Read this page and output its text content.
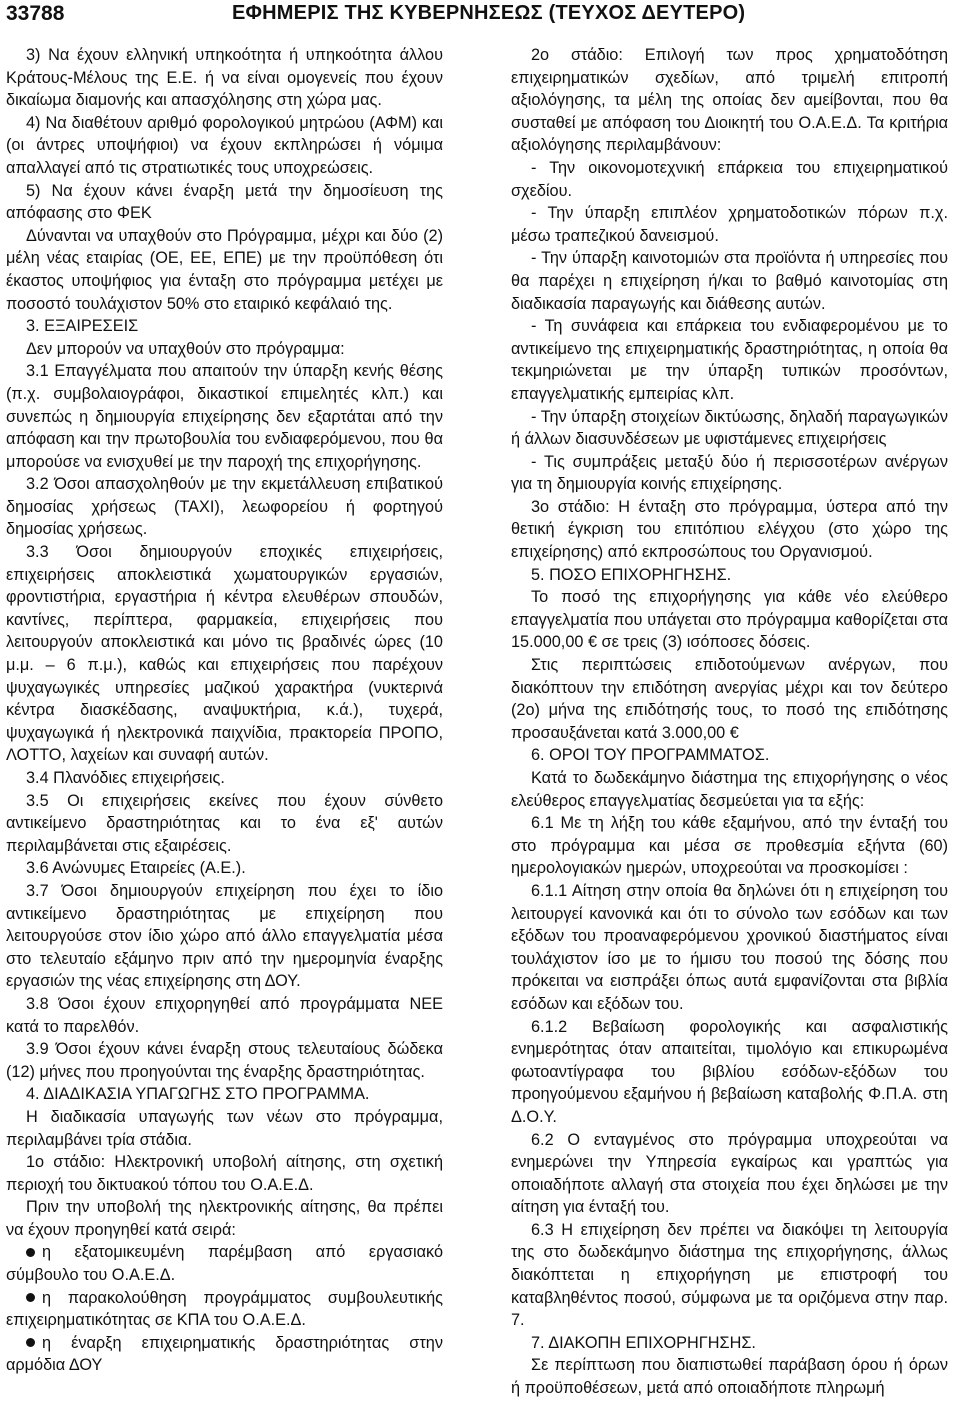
33788	ΕΦΗΜΕΡΙΣ ΤΗΣ ΚΥΒΕΡΝΗΣΕΩΣ (ΤΕΥΧΟΣ ΔΕΥΤΕΡΟ)

3) Να έχουν ελληνική υπηκοότητα ή υπηκοότητα άλλου Κράτους-Μέλους της Ε.Ε. ή να είναι ομογενείς που έχουν δικαίωμα διαμονής και απασχόλησης στη χώρα μας.

4) Να διαθέτουν αριθμό φορολογικού μητρώου (ΑΦΜ) και (οι άντρες υποψήφιοι) να έχουν εκπληρώσει ή νόμιμα απαλλαγεί από τις στρατιωτικές τους υποχρεώσεις.

5) Να έχουν κάνει έναρξη μετά την δημοσίευση της απόφασης στο ΦΕΚ

Δύνανται να υπαχθούν στο Πρόγραμμα, μέχρι και δύο (2) μέλη νέας εταιρίας (ΟΕ, ΕΕ, ΕΠΕ) με την προϋπόθεση ότι έκαστος υποψήφιος για ένταξη στο πρόγραμμα μετέχει με ποσοστό τουλάχιστον 50% στο εταιρικό κεφάλαιό της.

3. ΕΞΑΙΡΕΣΕΙΣ

Δεν μπορούν να υπαχθούν στο πρόγραμμα:

3.1 Επαγγέλματα που απαιτούν την ύπαρξη κενής θέσης (π.χ. συμβολαιογράφοι, δικαστικοί επιμελητές κλπ.) και συνεπώς η δημιουργία επιχείρησης δεν εξαρτάται από την απόφαση και την πρωτοβουλία του ενδιαφερόμενου, που θα μπορούσε να ενισχυθεί με την παροχή της επιχορήγησης.

3.2 Όσοι απασχοληθούν με την εκμετάλλευση επιβατικού δημοσίας χρήσεως (ΤΑΧΙ), λεωφορείου ή φορτηγού δημοσίας χρήσεως.

3.3 Όσοι δημιουργούν εποχικές επιχειρήσεις, επιχειρήσεις αποκλειστικά χωματουργικών εργασιών, φροντιστήρια, εργαστήρια ή κέντρα ελευθέρων σπουδών, καντίνες, περίπτερα, φαρμακεία, επιχειρήσεις που λειτουργούν αποκλειστικά και μόνο τις βραδινές ώρες (10 μ.μ. – 6 π.μ.), καθώς και επιχειρήσεις που παρέχουν ψυχαγωγικές υπηρεσίες μαζικού χαρακτήρα (νυκτερινά κέντρα διασκέδασης, αναψυκτήρια, κ.ά.), τυχερά, ψυχαγωγικά ή ηλεκτρονικά παιχνίδια, πρακτορεία ΠΡΟΠΟ, ΛΟΤΤΟ, λαχείων και συναφή αυτών.

3.4 Πλανόδιες επιχειρήσεις.

3.5 Οι επιχειρήσεις εκείνες που έχουν σύνθετο αντικείμενο δραστηριότητας και το ένα εξ' αυτών περιλαμβάνεται στις εξαιρέσεις.

3.6 Ανώνυμες Εταιρείες (Α.Ε.).

3.7 Όσοι δημιουργούν επιχείρηση που έχει το ίδιο αντικείμενο δραστηριότητας με επιχείρηση που λειτουργούσε στον ίδιο χώρο από άλλο επαγγελματία μέσα στο τελευταίο εξάμηνο πριν από την ημερομηνία έναρξης εργασιών της νέας επιχείρησης στη ΔΟΥ.

3.8 Όσοι έχουν επιχορηγηθεί από προγράμματα ΝΕΕ κατά το παρελθόν.

3.9 Όσοι έχουν κάνει έναρξη στους τελευταίους δώδεκα (12) μήνες που προηγούνται της έναρξης δραστηριότητας.

4. ΔΙΑΔΙΚΑΣΙΑ ΥΠΑΓΩΓΗΣ ΣΤΟ ΠΡΟΓΡΑΜΜΑ.

Η διαδικασία υπαγωγής των νέων στο πρόγραμμα, περιλαμβάνει τρία στάδια.

1ο στάδιο: Ηλεκτρονική υποβολή αίτησης, στη σχετική περιοχή του δικτυακού τόπου του Ο.Α.Ε.Δ.

Πριν την υποβολή της ηλεκτρονικής αίτησης, θα πρέπει να έχουν προηγηθεί κατά σειρά:

η εξατομικευμένη παρέμβαση από εργασιακό σύμβουλο του Ο.Α.Ε.Δ.

η παρακολούθηση προγράμματος συμβουλευτικής επιχειρηματικότητας σε ΚΠΑ του Ο.Α.Ε.Δ.

η έναρξη επιχειρηματικής δραστηριότητας στην αρμόδια ΔΟΥ

2ο στάδιο: Επιλογή των προς χρηματοδότηση επιχειρηματικών σχεδίων, από τριμελή επιτροπή αξιολόγησης, τα μέλη της οποίας δεν αμείβονται, που θα συσταθεί με απόφαση του Διοικητή του Ο.Α.Ε.Δ. Τα κριτήρια αξιολόγησης περιλαμβάνουν:

- Την οικονομοτεχνική επάρκεια του επιχειρηματικού σχεδίου.

- Την ύπαρξη επιπλέον χρηματοδοτικών πόρων π.χ. μέσω τραπεζικού δανεισμού.

- Την ύπαρξη καινοτομιών στα προϊόντα ή υπηρεσίες που θα παρέχει η επιχείρηση ή/και το βαθμό καινοτομίας στη διαδικασία παραγωγής και διάθεσης αυτών.

- Τη συνάφεια και επάρκεια του ενδιαφερομένου με το αντικείμενο της επιχειρηματικής δραστηριότητας, η οποία θα τεκμηριώνεται με την ύπαρξη τυπικών προσόντων, επαγγελματικής εμπειρίας κλπ.

- Την ύπαρξη στοιχείων δικτύωσης, δηλαδή παραγωγικών ή άλλων διασυνδέσεων με υφιστάμενες επιχειρήσεις

- Τις συμπράξεις μεταξύ δύο ή περισσοτέρων ανέργων για τη δημιουργία κοινής επιχείρησης.

3ο στάδιο: Η ένταξη στο πρόγραμμα, ύστερα από την θετική έγκριση του επιτόπιου ελέγχου (στο χώρο της επιχείρησης) από εκπροσώπους του Οργανισμού.

5. ΠΟΣΟ ΕΠΙΧΟΡΗΓΗΣΗΣ.

Το ποσό της επιχορήγησης για κάθε νέο ελεύθερο επαγγελματία που υπάγεται στο πρόγραμμα καθορίζεται στα 15.000,00 € σε τρεις (3) ισόποσες δόσεις.

Στις περιπτώσεις επιδοτούμενων ανέργων, που διακόπτουν την επιδότηση ανεργίας μέχρι και τον δεύτερο (2ο) μήνα της επιδότησής τους, το ποσό της επιδότησης προσαυξάνεται κατά 3.000,00 €

6. ΟΡΟΙ ΤΟΥ ΠΡΟΓΡΑΜΜΑΤΟΣ.

Κατά το δωδεκάμηνο διάστημα της επιχορήγησης ο νέος ελεύθερος επαγγελματίας δεσμεύεται για τα εξής:

6.1 Με τη λήξη του κάθε εξαμήνου, από την ένταξή του στο πρόγραμμα και μέσα σε προθεσμία εξήντα (60) ημερολογιακών ημερών, υποχρεούται να προσκομίσει :

6.1.1 Αίτηση στην οποία θα δηλώνει ότι η επιχείρηση του λειτουργεί κανονικά και ότι το σύνολο των εσόδων και των εξόδων του προαναφερόμενου χρονικού διαστήματος είναι τουλάχιστον ίσο με το ήμισυ του ποσού της δόσης που πρόκειται να εισπράξει όπως αυτά εμφανίζονται στα βιβλία εσόδων και εξόδων του.

6.1.2 Βεβαίωση φορολογικής και ασφαλιστικής ενημερότητας όταν απαιτείται, τιμολόγιο και επικυρωμένα φωτοαντίγραφα του βιβλίου εσόδων-εξόδων του προηγούμενου εξαμήνου ή βεβαίωση καταβολής Φ.Π.Α. στη Δ.Ο.Υ.

6.2 Ο ενταγμένος στο πρόγραμμα υποχρεούται να ενημερώνει την Υπηρεσία εγκαίρως και γραπτώς για οποιαδήποτε αλλαγή στα στοιχεία που έχει δηλώσει με την αίτηση για ένταξή του.

6.3 Η επιχείρηση δεν πρέπει να διακόψει τη λειτουργία της στο δωδεκάμηνο διάστημα της επιχορήγησης, άλλως διακόπτεται η επιχορήγηση με επιστροφή του καταβληθέντος ποσού, σύμφωνα με τα οριζόμενα στην παρ. 7.

7. ΔΙΑΚΟΠΗ ΕΠΙΧΟΡΗΓΗΣΗΣ.

Σε περίπτωση που διαπιστωθεί παράβαση όρου ή όρων ή προϋποθέσεων, μετά από οποιαδήποτε πληρωμή
